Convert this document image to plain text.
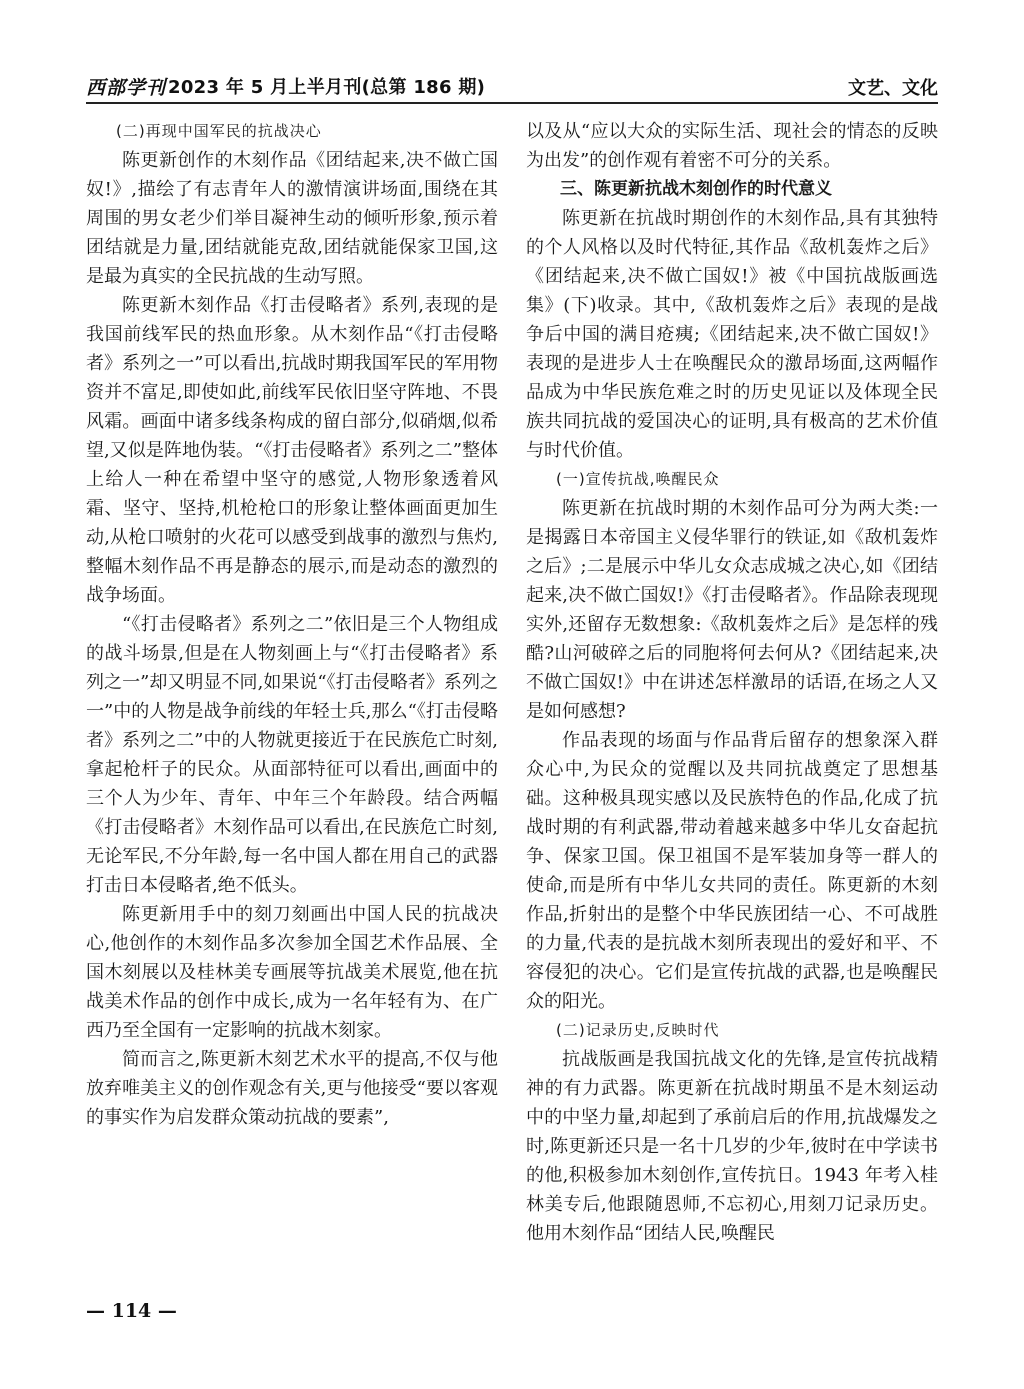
西部学刊 2023 年 5 月上半月刊(总第 186 期)	文艺、文化

(二)再现中国军民的抗战决心

陈更新创作的木刻作品《团结起来,决不做亡国奴!》,描绘了有志青年人的激情演讲场面,围绕在其周围的男女老少们举目凝神生动的倾听形象,预示着团结就是力量,团结就能克敌,团结就能保家卫国,这是最为真实的全民抗战的生动写照。

陈更新木刻作品《打击侵略者》系列,表现的是我国前线军民的热血形象。从木刻作品“《打击侵略者》系列之一”可以看出,抗战时期我国军民的军用物资并不富足,即使如此,前线军民依旧坚守阵地、不畏风霜。画面中诸多线条构成的留白部分,似硝烟,似希望,又似是阵地伪装。“《打击侵略者》系列之二”整体上给人一种在希望中坚守的感觉,人物形象透着风霜、坚守、坚持,机枪枪口的形象让整体画面更加生动,从枪口喷射的火花可以感受到战事的激烈与焦灼,整幅木刻作品不再是静态的展示,而是动态的激烈的战争场面。

“《打击侵略者》系列之二”依旧是三个人物组成的战斗场景,但是在人物刻画上与“《打击侵略者》系列之一”却又明显不同,如果说“《打击侵略者》系列之一”中的人物是战争前线的年轻士兵,那么“《打击侵略者》系列之二”中的人物就更接近于在民族危亡时刻,拿起枪杆子的民众。从面部特征可以看出,画面中的三个人为少年、青年、中年三个年龄段。结合两幅《打击侵略者》木刻作品可以看出,在民族危亡时刻,无论军民,不分年龄,每一名中国人都在用自己的武器打击日本侵略者,绝不低头。

陈更新用手中的刻刀刻画出中国人民的抗战决心,他创作的木刻作品多次参加全国艺术作品展、全国木刻展以及桂林美专画展等抗战美术展览,他在抗战美术作品的创作中成长,成为一名年轻有为、在广西乃至全国有一定影响的抗战木刻家。

简而言之,陈更新木刻艺术水平的提高,不仅与他放弃唯美主义的创作观念有关,更与他接受“要以客观的事实作为启发群众策动抗战的要素”,

以及从“应以大众的实际生活、现社会的情态的反映为出发”的创作观有着密不可分的关系。

三、陈更新抗战木刻创作的时代意义

陈更新在抗战时期创作的木刻作品,具有其独特的个人风格以及时代特征,其作品《敌机轰炸之后》《团结起来,决不做亡国奴!》被《中国抗战版画选集》(下)收录。其中,《敌机轰炸之后》表现的是战争后中国的满目疮痍;《团结起来,决不做亡国奴!》表现的是进步人士在唤醒民众的激昂场面,这两幅作品成为中华民族危难之时的历史见证以及体现全民族共同抗战的爱国决心的证明,具有极高的艺术价值与时代价值。

(一)宣传抗战,唤醒民众

陈更新在抗战时期的木刻作品可分为两大类:一是揭露日本帝国主义侵华罪行的铁证,如《敌机轰炸之后》;二是展示中华儿女众志成城之决心,如《团结起来,决不做亡国奴!》《打击侵略者》。作品除表现现实外,还留存无数想象:《敌机轰炸之后》是怎样的残酷?山河破碎之后的同胞将何去何从?《团结起来,决不做亡国奴!》中在讲述怎样激昂的话语,在场之人又是如何感想?

作品表现的场面与作品背后留存的想象深入群众心中,为民众的觉醒以及共同抗战奠定了思想基础。这种极具现实感以及民族特色的作品,化成了抗战时期的有利武器,带动着越来越多中华儿女奋起抗争、保家卫国。保卫祖国不是军装加身等一群人的使命,而是所有中华儿女共同的责任。陈更新的木刻作品,折射出的是整个中华民族团结一心、不可战胜的力量,代表的是抗战木刻所表现出的爱好和平、不容侵犯的决心。它们是宣传抗战的武器,也是唤醒民众的阳光。

(二)记录历史,反映时代

抗战版画是我国抗战文化的先锋,是宣传抗战精神的有力武器。陈更新在抗战时期虽不是木刻运动中的中坚力量,却起到了承前启后的作用,抗战爆发之时,陈更新还只是一名十几岁的少年,彼时在中学读书的他,积极参加木刻创作,宣传抗日。1943 年考入桂林美专后,他跟随恩师,不忘初心,用刻刀记录历史。他用木刻作品“团结人民,唤醒民

— 114 —
